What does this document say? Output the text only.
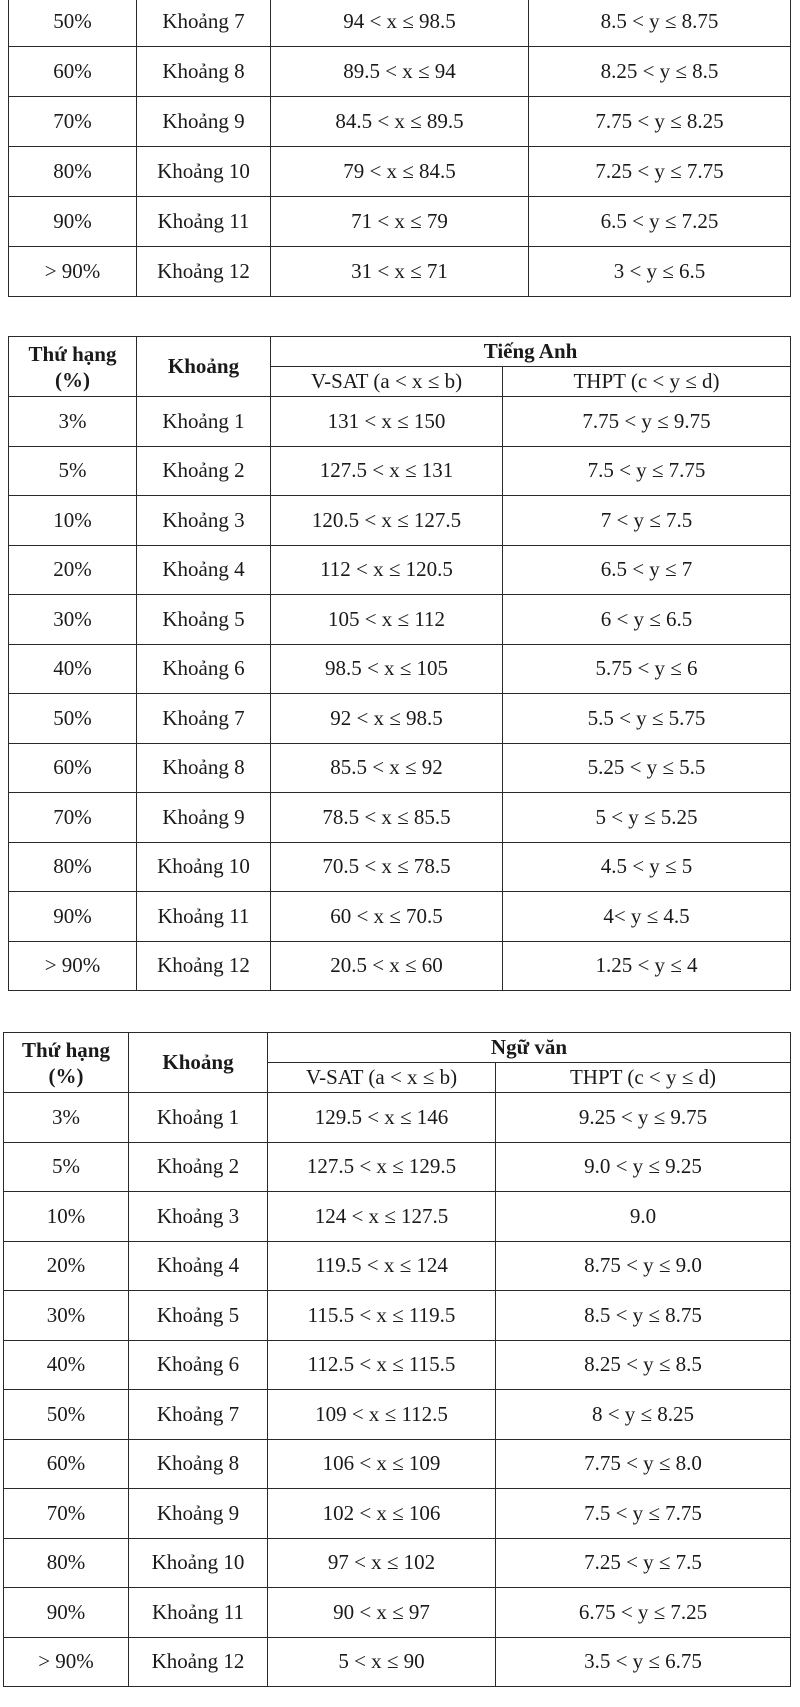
50%	Khoảng 7	94 < x ≤ 98.5	8.5 < y ≤ 8.75
60%	Khoảng 8	89.5 < x ≤ 94	8.25 < y ≤ 8.5
70%	Khoảng 9	84.5 < x ≤ 89.5	7.75 < y ≤ 8.25
80%	Khoảng 10	79 < x ≤ 84.5	7.25 < y ≤ 7.75
90%	Khoảng 11	71 < x ≤ 79	6.5 < y ≤ 7.25
> 90%	Khoảng 12	31 < x ≤ 71	3 < y ≤ 6.5
Thứ hạng (%)	Khoảng	Tiếng Anh	
		V-SAT (a < x ≤ b)	THPT (c < y ≤ d)
3%	Khoảng 1	131 < x ≤ 150	7.75 < y ≤ 9.75
5%	Khoảng 2	127.5 < x ≤ 131	7.5 < y ≤ 7.75
10%	Khoảng 3	120.5 < x ≤ 127.5	7 < y ≤ 7.5
20%	Khoảng 4	112 < x ≤ 120.5	6.5 < y ≤ 7
30%	Khoảng 5	105 < x ≤ 112	6 < y ≤ 6.5
40%	Khoảng 6	98.5 < x ≤ 105	5.75 < y ≤ 6
50%	Khoảng 7	92 < x ≤ 98.5	5.5 < y ≤ 5.75
60%	Khoảng 8	85.5 < x ≤ 92	5.25 < y ≤ 5.5
70%	Khoảng 9	78.5 < x ≤ 85.5	5 < y ≤ 5.25
80%	Khoảng 10	70.5 < x ≤ 78.5	4.5 < y ≤ 5
90%	Khoảng 11	60 < x ≤ 70.5	4< y ≤ 4.5
> 90%	Khoảng 12	20.5 < x ≤ 60	1.25 < y ≤ 4
Thứ hạng (%)	Khoảng	Ngữ văn	
		V-SAT (a < x ≤ b)	THPT (c < y ≤ d)
3%	Khoảng 1	129.5 < x ≤ 146	9.25 < y ≤ 9.75
5%	Khoảng 2	127.5 < x ≤ 129.5	9.0 < y ≤ 9.25
10%	Khoảng 3	124 < x ≤ 127.5	9.0
20%	Khoảng 4	119.5 < x ≤ 124	8.75 < y ≤ 9.0
30%	Khoảng 5	115.5 < x ≤ 119.5	8.5 < y ≤ 8.75
40%	Khoảng 6	112.5 < x ≤ 115.5	8.25 < y ≤ 8.5
50%	Khoảng 7	109 < x ≤ 112.5	8 < y ≤ 8.25
60%	Khoảng 8	106 < x ≤ 109	7.75 < y ≤ 8.0
70%	Khoảng 9	102 < x ≤ 106	7.5 < y ≤ 7.75
80%	Khoảng 10	97 < x ≤ 102	7.25 < y ≤ 7.5
90%	Khoảng 11	90 < x ≤ 97	6.75 < y ≤ 7.25
> 90%	Khoảng 12	5 < x ≤ 90	3.5 < y ≤ 6.75
